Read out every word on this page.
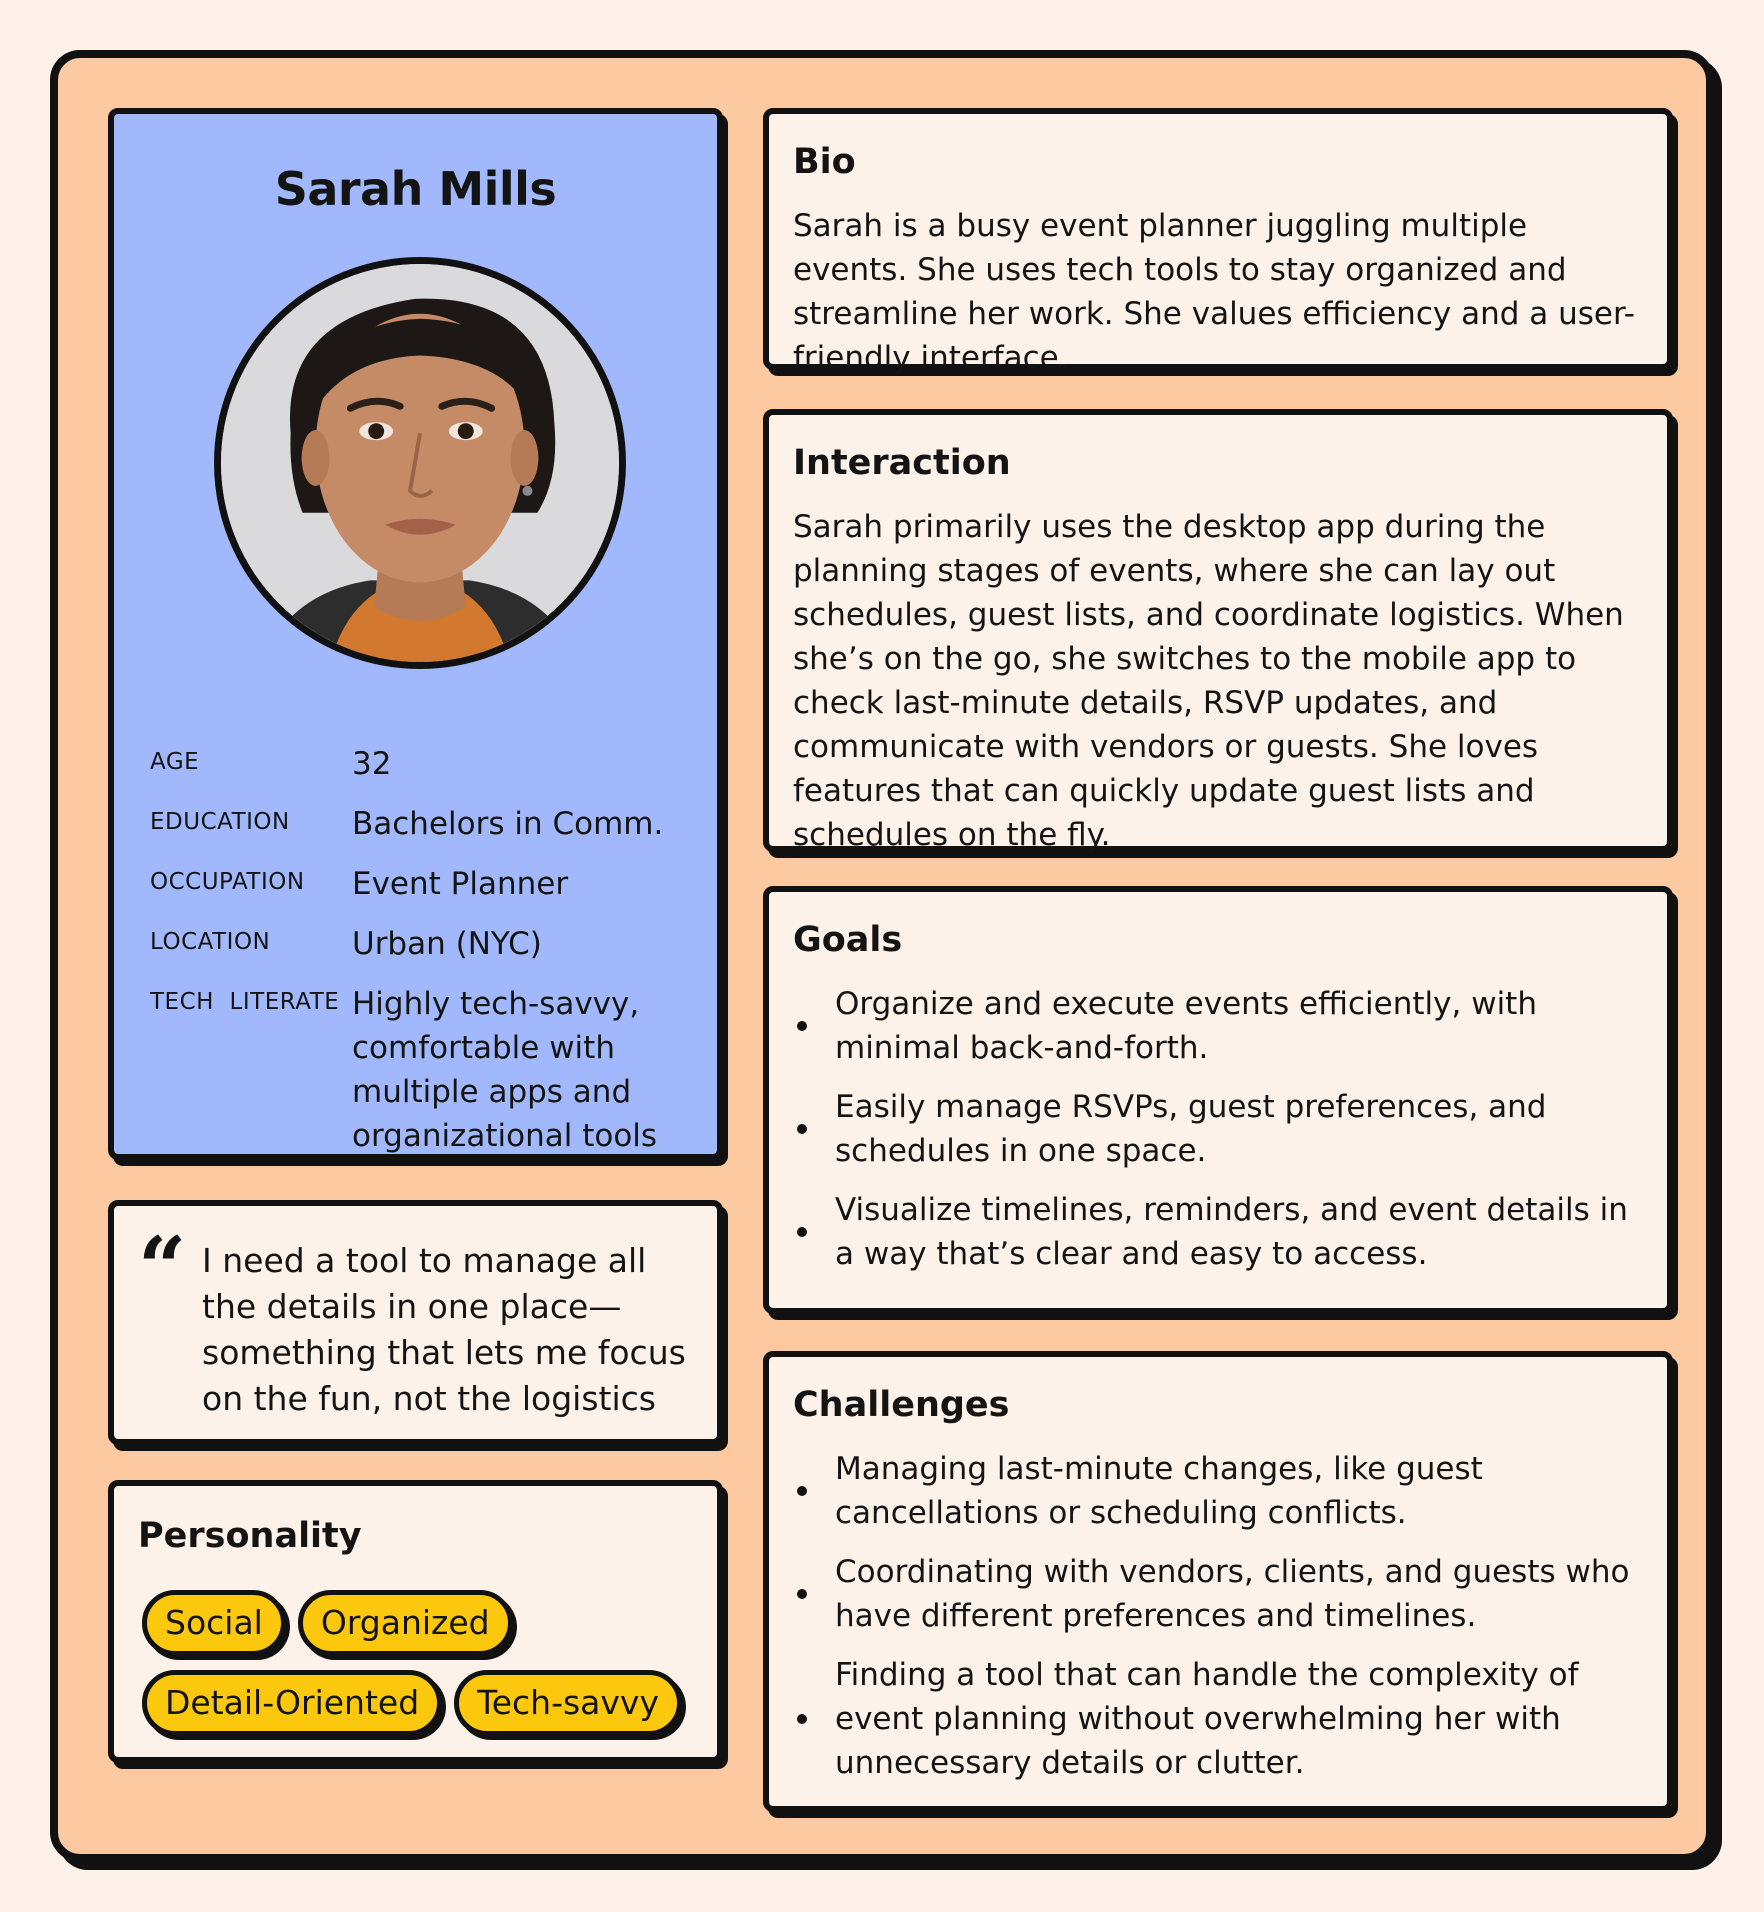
Sarah Mills
AGE	32
EDUCATION	Bachelors in Comm.
OCCUPATION	Event Planner
LOCATION	Urban (NYC)
TECH  LITERATE Highly tech-savvy, comfortable with multiple apps and organizational tools
“ I need a tool to manage all the details in one place— something that lets me focus on the fun, not the logistics
Personality
Social	Organized
Detail-Oriented	Tech-savvy
Bio
Sarah is a busy event planner juggling multiple events. She uses tech tools to stay organized and streamline her work. She values efficiency and a user-friendly interface.
Interaction
Sarah primarily uses the desktop app during the planning stages of events, where she can lay out schedules, guest lists, and coordinate logistics. When she’s on the go, she switches to the mobile app to check last-minute details, RSVP updates, and communicate with vendors or guests. She loves features that can quickly update guest lists and schedules on the fly.
Goals
Organize and execute events efficiently, with minimal back-and-forth.
Easily manage RSVPs, guest preferences, and schedules in one space.
Visualize timelines, reminders, and event details in a way that’s clear and easy to access.
Challenges
Managing last-minute changes, like guest cancellations or scheduling conflicts.
Coordinating with vendors, clients, and guests who have different preferences and timelines.
Finding a tool that can handle the complexity of event planning without overwhelming her with unnecessary details or clutter.
